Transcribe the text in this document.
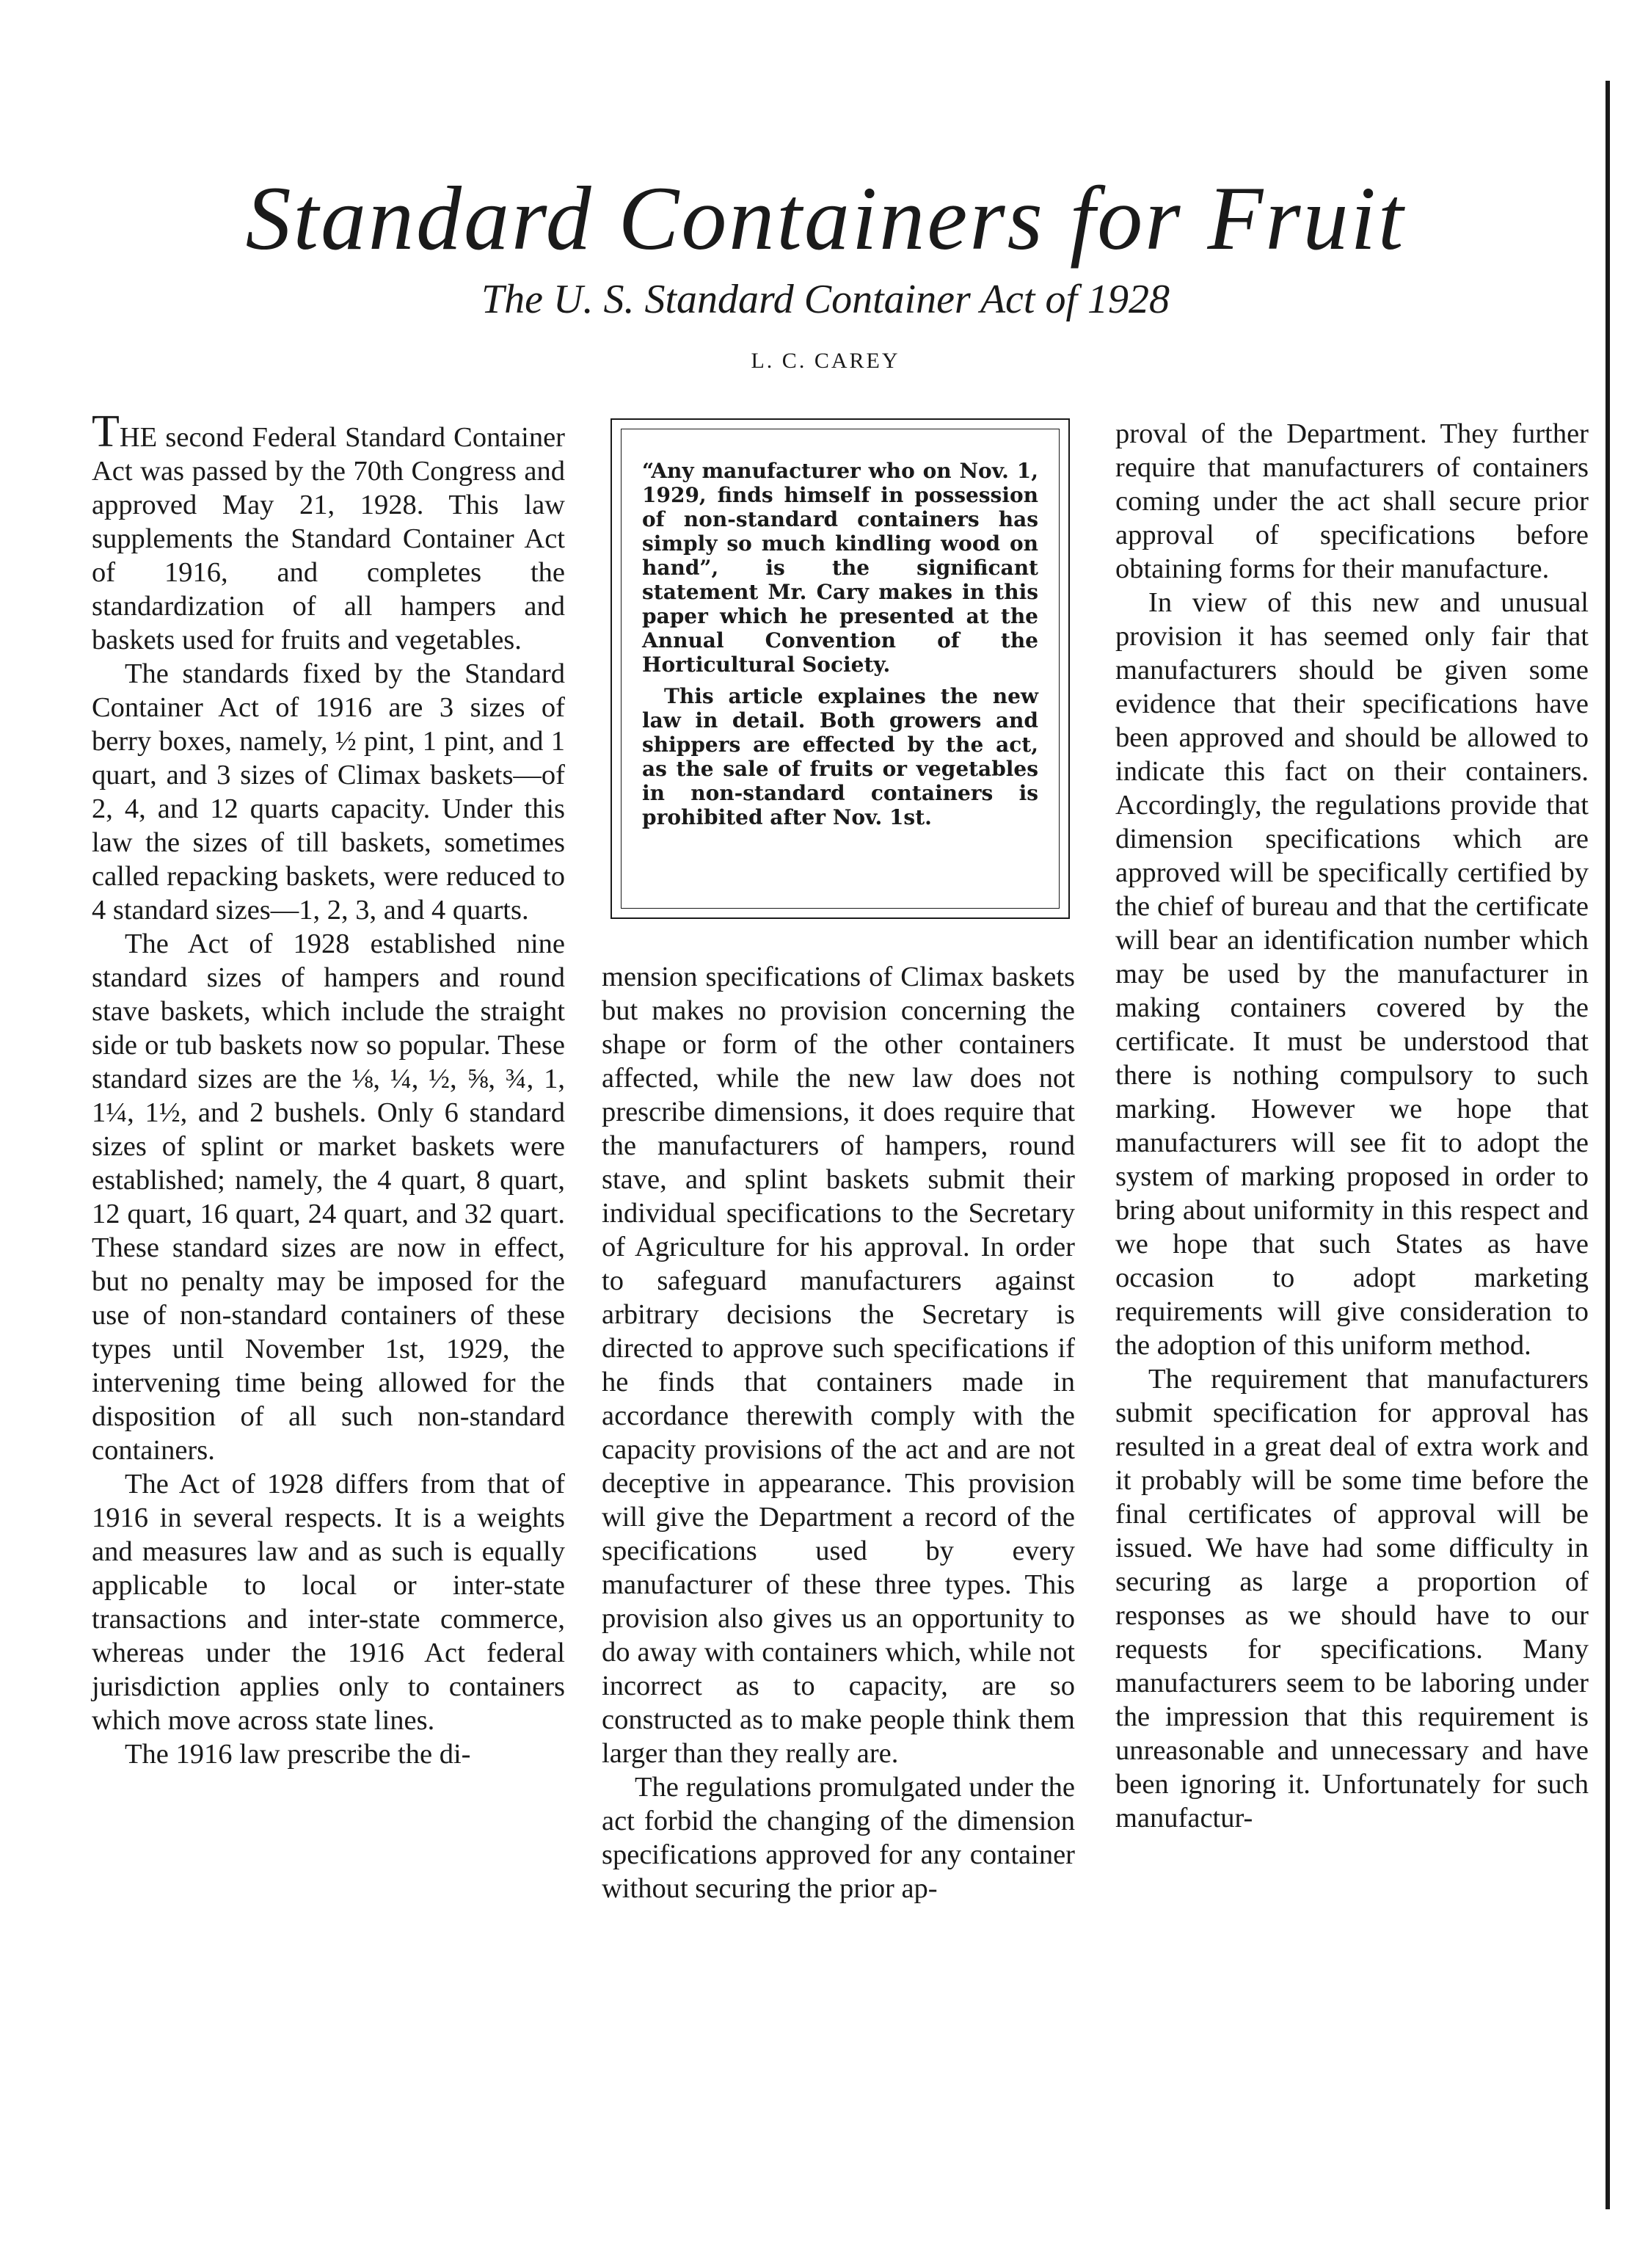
Standard Containers for Fruit
The U. S. Standard Container Act of 1928
L. C. CAREY

THE second Federal Standard Container Act was passed by the 70th Congress and approved May 21, 1928. This law supplements the Standard Container Act of 1916, and completes the standardization of all hampers and baskets used for fruits and vegetables.

The standards fixed by the Standard Container Act of 1916 are 3 sizes of berry boxes, namely, ½ pint, 1 pint, and 1 quart, and 3 sizes of Climax baskets—of 2, 4, and 12 quarts capacity. Under this law the sizes of till baskets, sometimes called repacking baskets, were reduced to 4 standard sizes—1, 2, 3, and 4 quarts.

The Act of 1928 established nine standard sizes of hampers and round stave baskets, which include the straight side or tub baskets now so popular. These standard sizes are the ⅛, ¼, ½, ⅝, ¾, 1, 1¼, 1½, and 2 bushels. Only 6 standard sizes of splint or market baskets were established; namely, the 4 quart, 8 quart, 12 quart, 16 quart, 24 quart, and 32 quart. These standard sizes are now in effect, but no penalty may be imposed for the use of non-standard containers of these types until November 1st, 1929, the intervening time being allowed for the disposition of all such non-standard containers.

The Act of 1928 differs from that of 1916 in several respects. It is a weights and measures law and as such is equally applicable to local or inter-state transactions and inter-state commerce, whereas under the 1916 Act federal jurisdiction applies only to containers which move across state lines.

The 1916 law prescribe the di-

“Any manufacturer who on Nov. 1, 1929, finds himself in possession of non-standard containers has simply so much kindling wood on hand”, is the significant statement Mr. Cary makes in this paper which he presented at the Annual Convention of the Horticultural Society.

This article explaines the new law in detail. Both growers and shippers are effected by the act, as the sale of fruits or vegetables in non-standard containers is prohibited after Nov. 1st.

mension specifications of Climax baskets but makes no provision concerning the shape or form of the other containers affected, while the new law does not prescribe dimensions, it does require that the manufacturers of hampers, round stave, and splint baskets submit their individual specifications to the Secretary of Agriculture for his approval. In order to safeguard manufacturers against arbitrary decisions the Secretary is directed to approve such specifications if he finds that containers made in accordance therewith comply with the capacity provisions of the act and are not deceptive in appearance. This provision will give the Department a record of the specifications used by every manufacturer of these three types. This provision also gives us an opportunity to do away with containers which, while not incorrect as to capacity, are so constructed as to make people think them larger than they really are.

The regulations promulgated under the act forbid the changing of the dimension specifications approved for any container without securing the prior ap-

proval of the Department. They further require that manufacturers of containers coming under the act shall secure prior approval of specifications before obtaining forms for their manufacture.

In view of this new and unusual provision it has seemed only fair that manufacturers should be given some evidence that their specifications have been approved and should be allowed to indicate this fact on their containers. Accordingly, the regulations provide that dimension specifications which are approved will be specifically certified by the chief of bureau and that the certificate will bear an identification number which may be used by the manufacturer in making containers covered by the certificate. It must be understood that there is nothing compulsory to such marking. However we hope that manufacturers will see fit to adopt the system of marking proposed in order to bring about uniformity in this respect and we hope that such States as have occasion to adopt marketing requirements will give consideration to the adoption of this uniform method.

The requirement that manufacturers submit specification for approval has resulted in a great deal of extra work and it probably will be some time before the final certificates of approval will be issued. We have had some difficulty in securing as large a proportion of responses as we should have to our requests for specifications. Many manufacturers seem to be laboring under the impression that this requirement is unreasonable and unnecessary and have been ignoring it. Unfortunately for such manufactur-
